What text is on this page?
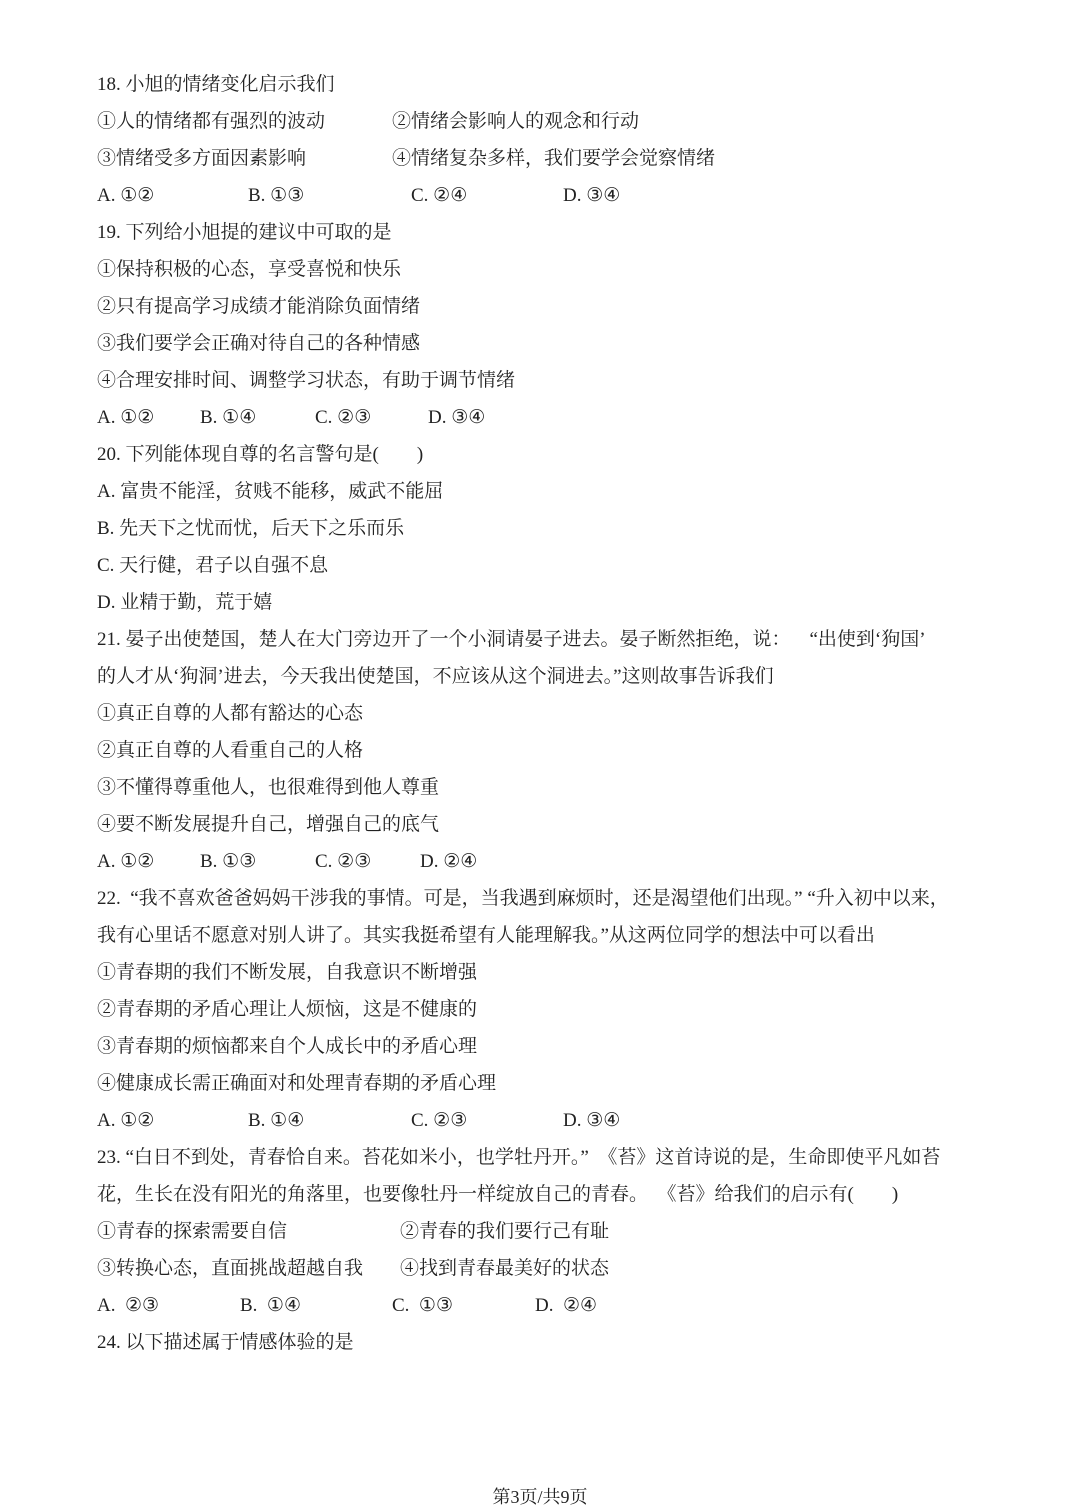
18. 小旭的情绪变化启示我们

①人的情绪都有强烈的波动

	②情绪会影响人的观念和行动

③情绪受多方面因素影响

	④情绪复杂多样，我们要学会觉察情绪

A. ①②

	B. ①③

	C. ②④

	D. ③④

19. 下列给小旭提的建议中可取的是
①保持积极的心态，享受喜悦和快乐
②只有提高学习成绩才能消除负面情绪
③我们要学会正确对待自己的各种情感
④合理安排时间、调整学习状态，有助于调节情绪

A. ①②

B. ①④

	C. ②③

	D. ③④

20. 下列能体现自尊的名言警句是(        )
A. 富贵不能淫，贫贱不能移，威武不能屈
B. 先天下之忧而忧，后天下之乐而乐
C. 天行健，君子以自强不息
D. 业精于勤，荒于嬉
21. 晏子出使楚国，楚人在大门旁边开了一个小洞请晏子进去。晏子断然拒绝，说：    “出使到‘狗国’
的人才从‘狗洞’进去，今天我出使楚国，不应该从这个洞进去。”这则故事告诉我们
①真正自尊的人都有豁达的心态
②真正自尊的人看重自己的人格
③不懂得尊重他人，也很难得到他人尊重
④要不断发展提升自己，增强自己的底气

A. ①②

B. ①③

	C. ②③

	D. ②④

22.  “我不喜欢爸爸妈妈干涉我的事情。可是，当我遇到麻烦时，还是渴望他们出现。” “升入初中以来，
我有心里话不愿意对别人讲了。其实我挺希望有人能理解我。”从这两位同学的想法中可以看出
①青春期的我们不断发展，自我意识不断增强
②青春期的矛盾心理让人烦恼，这是不健康的
③青春期的烦恼都来自个人成长中的矛盾心理
④健康成长需正确面对和处理青春期的矛盾心理

A. ①②

	B. ①④

	C. ②③

	D. ③④

23. “白日不到处，青春恰自来。苔花如米小，也学牡丹开。”  《苔》这首诗说的是，生命即使平凡如苔
花，生长在没有阳光的角落里，也要像牡丹一样绽放自己的青春。  《苔》给我们的启示有(        )

①青春的探索需要自信

	②青春的我们要行己有耻

③转换心态，直面挑战超越自我

④找到青春最美好的状态

A.  ②③

	B.  ①④

	C.  ①③

	D.  ②④

24. 以下描述属于情感体验的是
第3页/共9页
